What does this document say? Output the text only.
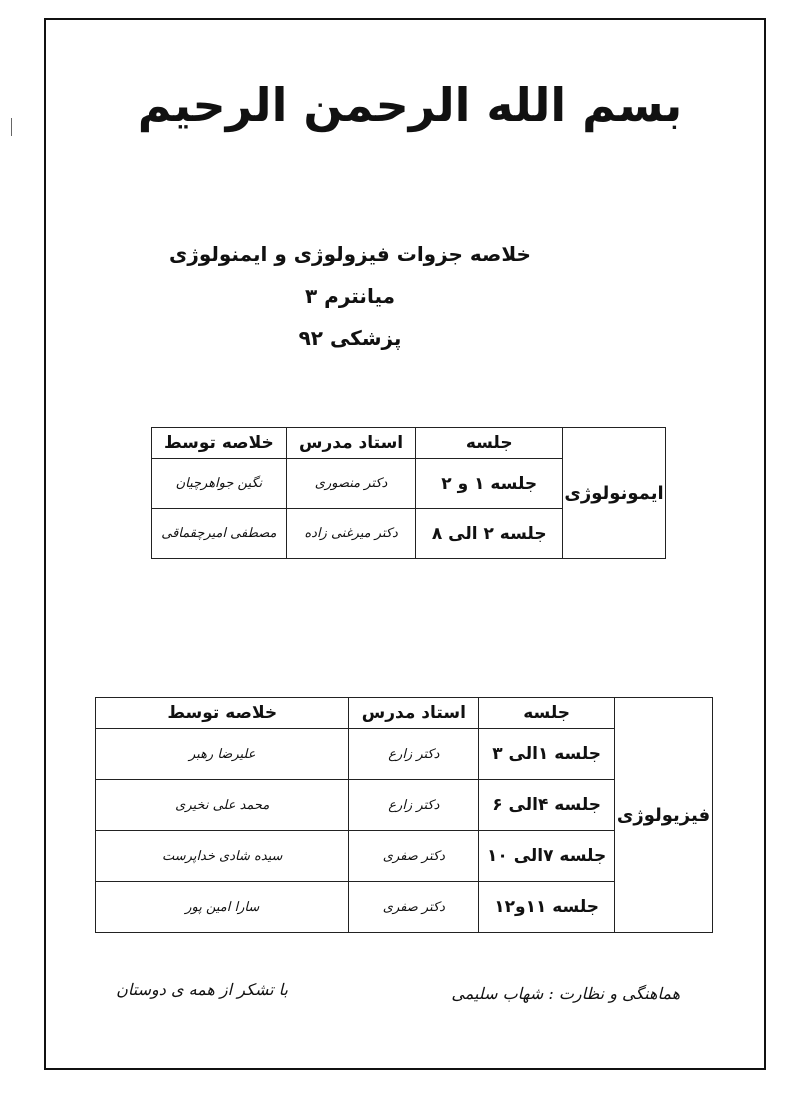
بسم الله الرحمن الرحیم
خلاصه جزوات فیزولوژی و ایمنولوژی
میانترم ۳
پزشکی ۹۲
ایمونولوژی	جلسه	استاد مدرس	خلاصه توسط
	جلسه ۱ و ۲	دکتر منصوری	نگین جواهرچیان
	جلسه ۲ الی ۸	دکتر میرغنی زاده	مصطفی امیرچقماقی
فیزیولوژی	جلسه	استاد مدرس	خلاصه توسط
	جلسه ۱الی ۳	دکتر زارع	علیرضا رهبر
	جلسه ۴الی ۶	دکتر زارع	محمد علی نخیری
	جلسه ۷الی ۱۰	دکتر صفری	سیده شادی خداپرست
	جلسه ۱۱و۱۲	دکتر صفری	سارا امین پور
هماهنگی و نظارت : شهاب سلیمی
با تشکر از همه ی دوستان
